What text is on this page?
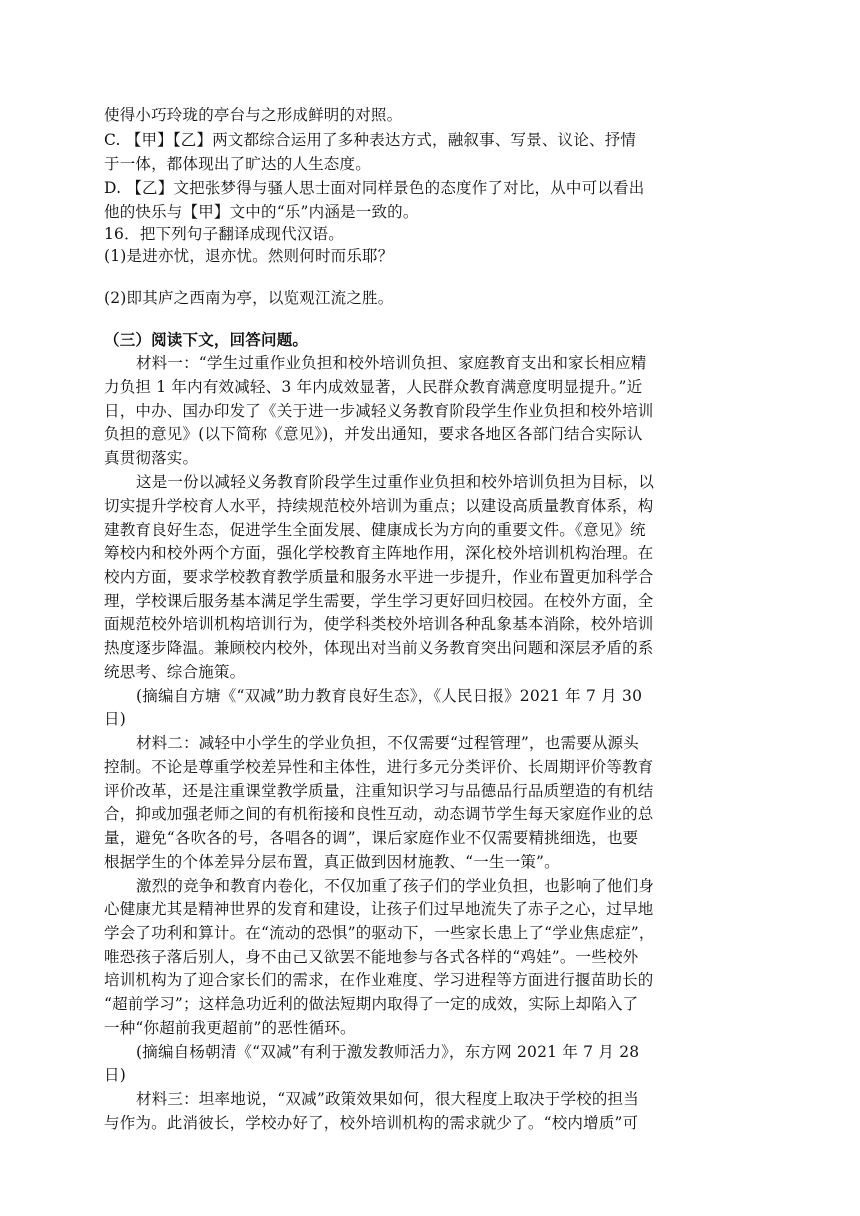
使得小巧玲珑的亭台与之形成鲜明的对照。
C. 【甲】【乙】两文都综合运用了多种表达方式，融叙事、写景、议论、抒情
于一体，都体现出了旷达的人生态度。
D. 【乙】文把张梦得与骚人思士面对同样景色的态度作了对比，从中可以看出
他的快乐与【甲】文中的“乐”内涵是一致的。
16．把下列句子翻译成现代汉语。
(1)是进亦忧，退亦忧。然则何时而乐耶？
(2)即其庐之西南为亭，以览观江流之胜。
（三）阅读下文，回答问题。
材料一：“学生过重作业负担和校外培训负担、家庭教育支出和家长相应精
力负担 1 年内有效减轻、3 年内成效显著，人民群众教育满意度明显提升。”近
日，中办、国办印发了《关于进一步减轻义务教育阶段学生作业负担和校外培训
负担的意见》(以下简称《意见》)，并发出通知，要求各地区各部门结合实际认
真贯彻落实。
这是一份以减轻义务教育阶段学生过重作业负担和校外培训负担为目标，以
切实提升学校育人水平，持续规范校外培训为重点；以建设高质量教育体系，构
建教育良好生态，促进学生全面发展、健康成长为方向的重要文件。《意见》统
筹校内和校外两个方面，强化学校教育主阵地作用，深化校外培训机构治理。在
校内方面，要求学校教育教学质量和服务水平进一步提升，作业布置更加科学合
理，学校课后服务基本满足学生需要，学生学习更好回归校园。在校外方面，全
面规范校外培训机构培训行为，使学科类校外培训各种乱象基本消除，校外培训
热度逐步降温。兼顾校内校外，体现出对当前义务教育突出问题和深层矛盾的系
统思考、综合施策。
(摘编自方塘《“双减”助力教育良好生态》，《人民日报》2021 年 7 月 30
日)
材料二：减轻中小学生的学业负担，不仅需要“过程管理”，也需要从源头
控制。不论是尊重学校差异性和主体性，进行多元分类评价、长周期评价等教育
评价改革，还是注重课堂教学质量，注重知识学习与品德品行品质塑造的有机结
合，抑或加强老师之间的有机衔接和良性互动，动态调节学生每天家庭作业的总
量，避免“各吹各的号，各唱各的调”，课后家庭作业不仅需要精挑细选，也要
根据学生的个体差异分层布置，真正做到因材施教、“一生一策”。
激烈的竞争和教育内卷化，不仅加重了孩子们的学业负担，也影响了他们身
心健康尤其是精神世界的发育和建设，让孩子们过早地流失了赤子之心，过早地
学会了功利和算计。在“流动的恐惧”的驱动下，一些家长患上了“学业焦虑症”，
唯恐孩子落后别人，身不由己又欲罢不能地参与各式各样的“鸡娃”。一些校外
培训机构为了迎合家长们的需求，在作业难度、学习进程等方面进行揠苗助长的
“超前学习”；这样急功近利的做法短期内取得了一定的成效，实际上却陷入了
一种“你超前我更超前”的恶性循环。
(摘编自杨朝清《“双减”有利于激发教师活力》，东方网 2021 年 7 月 28
日)
材料三：坦率地说，“双减”政策效果如何，很大程度上取决于学校的担当
与作为。此消彼长，学校办好了，校外培训机构的需求就少了。“校内增质”可
